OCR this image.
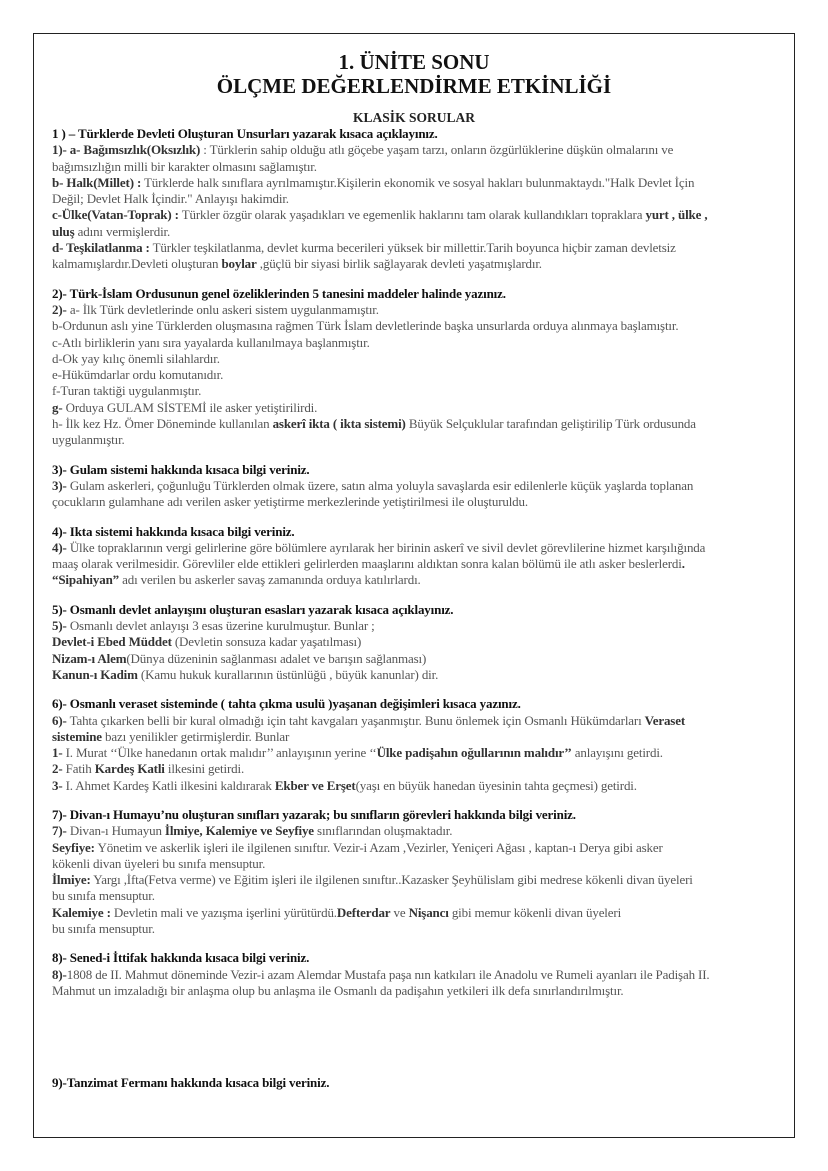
1. ÜNİTE SONU
ÖLÇME DEĞERLENDİRME ETKİNLİĞİ
KLASİK SORULAR
1 ) – Türklerde Devleti Oluşturan Unsurları yazarak kısaca açıklayınız.
1)- a- Bağımsızlık(Oksızlık) : Türklerin sahip olduğu atlı göçebe yaşam tarzı, onların özgürlüklerine düşkün olmalarını ve
bağımsızlığın milli bir karakter olmasını sağlamıştır.
b- Halk(Millet) : Türklerde halk sınıflara ayrılmamıştır.Kişilerin ekonomik ve sosyal hakları bulunmaktaydı."Halk Devlet İçin
Değil; Devlet Halk İçindir." Anlayışı hakimdir.
c-Ülke(Vatan-Toprak) : Türkler özgür olarak yaşadıkları ve egemenlik haklarını tam olarak kullandıkları topraklara yurt , ülke ,
uluş adını vermişlerdir.
d- Teşkilatlanma : Türkler teşkilatlanma, devlet kurma becerileri yüksek bir millettir.Tarih boyunca hiçbir zaman devletsiz
kalmamışlardır.Devleti oluşturan boylar ,güçlü bir siyasi birlik sağlayarak devleti yaşatmışlardır.
2)- Türk-İslam Ordusunun genel özeliklerinden 5 tanesini maddeler halinde yazınız.
2)- a- İlk Türk devletlerinde onlu askeri sistem uygulanmamıştır.
b-Ordunun aslı yine Türklerden oluşmasına rağmen Türk İslam devletlerinde başka unsurlarda orduya alınmaya başlamıştır.
c-Atlı birliklerin yanı sıra yayalarda kullanılmaya başlanmıştır.
d-Ok yay kılıç önemli silahlardır.
e-Hükümdarlar ordu komutanıdır.
f-Turan taktiği uygulanmıştır.
g- Orduya GULAM SİSTEMİ ile asker yetiştirilirdi.
h- İlk kez Hz. Ömer Döneminde kullanılan askerî ikta ( ikta sistemi) Büyük Selçuklular tarafından geliştirilip Türk ordusunda
uygulanmıştır.
3)- Gulam sistemi hakkında kısaca bilgi veriniz.
3)- Gulam askerleri, çoğunluğu Türklerden olmak üzere, satın alma yoluyla savaşlarda esir edilenlerle küçük yaşlarda toplanan
çocukların gulamhane adı verilen asker yetiştirme merkezlerinde yetiştirilmesi ile oluşturuldu.
4)- Ikta sistemi hakkında kısaca bilgi veriniz.
4)- Ülke topraklarının vergi gelirlerine göre bölümlere ayrılarak her birinin askerî ve sivil devlet görevlilerine hizmet karşılığında
maaş olarak verilmesidir. Görevliler elde ettikleri gelirlerden maaşlarını aldıktan sonra kalan bölümü ile atlı asker beslerlerdi.
“Sipahiyan” adı verilen bu askerler savaş zamanında orduya katılırlardı.
5)- Osmanlı devlet anlayışını oluşturan esasları yazarak kısaca açıklayınız.
5)- Osmanlı devlet anlayışı 3 esas üzerine kurulmuştur. Bunlar ;
Devlet-i Ebed Müddet (Devletin sonsuza kadar yaşatılması)
Nizam-ı Alem(Dünya düzeninin sağlanması adalet ve barışın sağlanması)
Kanun-ı Kadim (Kamu hukuk kurallarının üstünlüğü , büyük kanunlar) dir.
6)- Osmanlı veraset sisteminde ( tahta çıkma usulü )yaşanan değişimleri kısaca yazınız.
6)- Tahta çıkarken belli bir kural olmadığı için taht kavgaları yaşanmıştır. Bunu önlemek için Osmanlı Hükümdarları Veraset
sistemine bazı yenilikler getirmişlerdir. Bunlar
1- I. Murat ‘‘Ülke hanedanın ortak malıdır’’ anlayışının yerine ‘‘Ülke padişahın oğullarının malıdır’’ anlayışını getirdi.
2- Fatih Kardeş Katli ilkesini getirdi.
3- I. Ahmet Kardeş Katli ilkesini kaldırarak Ekber ve Erşet(yaşı en büyük hanedan üyesinin tahta geçmesi) getirdi.
7)- Divan-ı Humayu’nu oluşturan sınıfları yazarak; bu sınıfların görevleri hakkında bilgi veriniz.
7)- Divan-ı Humayun İlmiye, Kalemiye ve Seyfiye sınıflarından oluşmaktadır.
Seyfiye: Yönetim ve askerlik işleri ile ilgilenen sınıftır. Vezir-i Azam ,Vezirler, Yeniçeri Ağası , kaptan-ı Derya gibi asker
kökenli divan üyeleri bu sınıfa mensuptur.
İlmiye: Yargı ,İfta(Fetva verme) ve Eğitim işleri ile ilgilenen sınıftır..Kazasker Şeyhülislam gibi medrese kökenli divan üyeleri
bu sınıfa mensuptur.
Kalemiye : Devletin mali ve yazışma işerlini yürütürdü.Defterdar ve Nişancı gibi memur kökenli divan üyeleri
bu sınıfa mensuptur.
8)- Sened-i İttifak hakkında kısaca bilgi veriniz.
8)-1808 de II. Mahmut döneminde Vezir-i azam Alemdar Mustafa paşa nın katkıları ile Anadolu ve Rumeli ayanları ile Padişah II.
Mahmut un imzaladığı bir anlaşma olup bu anlaşma ile Osmanlı da padişahın yetkileri ilk defa sınırlandırılmıştır.
9)-Tanzimat Fermanı hakkında kısaca bilgi veriniz.
